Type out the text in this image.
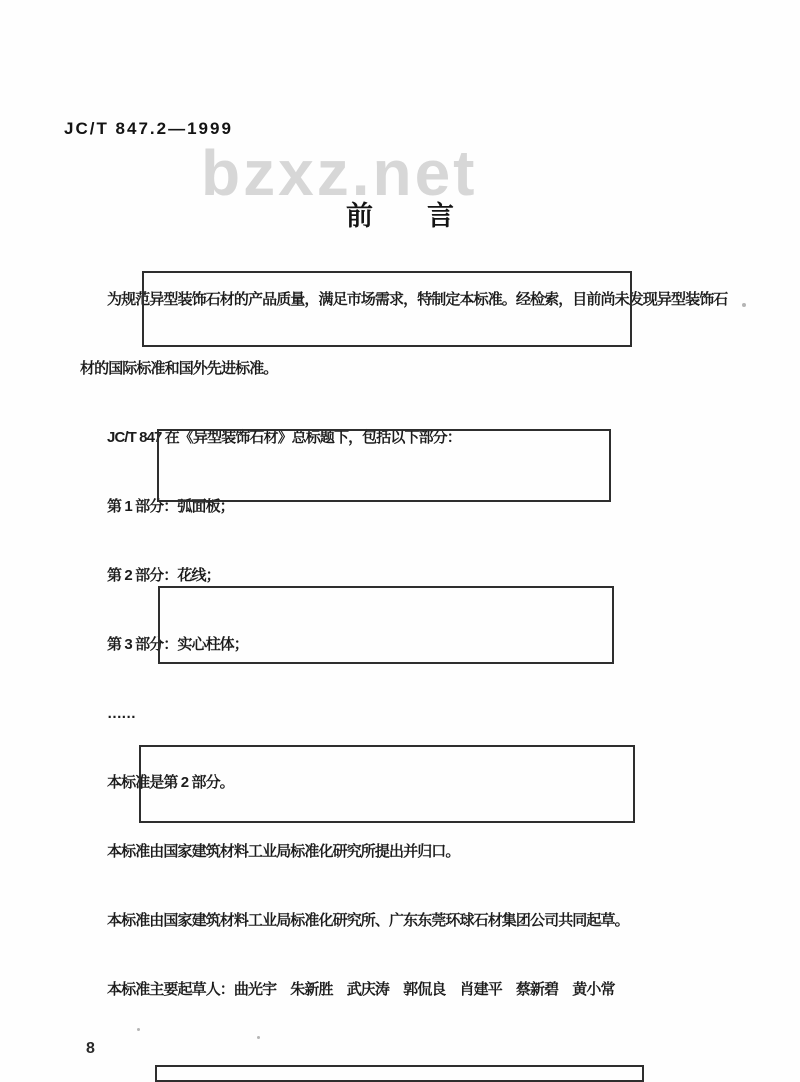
JC/T 847.2—1999
bzxz.net
前　　言

为规范异型装饰石材的产品质量，满足市场需求，特制定本标准。经检索，目前尚未发现异型装饰石

材的国际标准和国外先进标准。

JC/T 847 在《异型装饰石材》总标题下，包括以下部分：

第 1 部分：弧面板；

第 2 部分：花线；

第 3 部分：实心柱体；

……

本标准是第 2 部分。

本标准由国家建筑材料工业局标准化研究所提出并归口。

本标准由国家建筑材料工业局标准化研究所、广东东莞环球石材集团公司共同起草。

本标准主要起草人：曲光宇　朱新胜　武庆涛　郭侃良　肖建平　蔡新碧　黄小常

8
